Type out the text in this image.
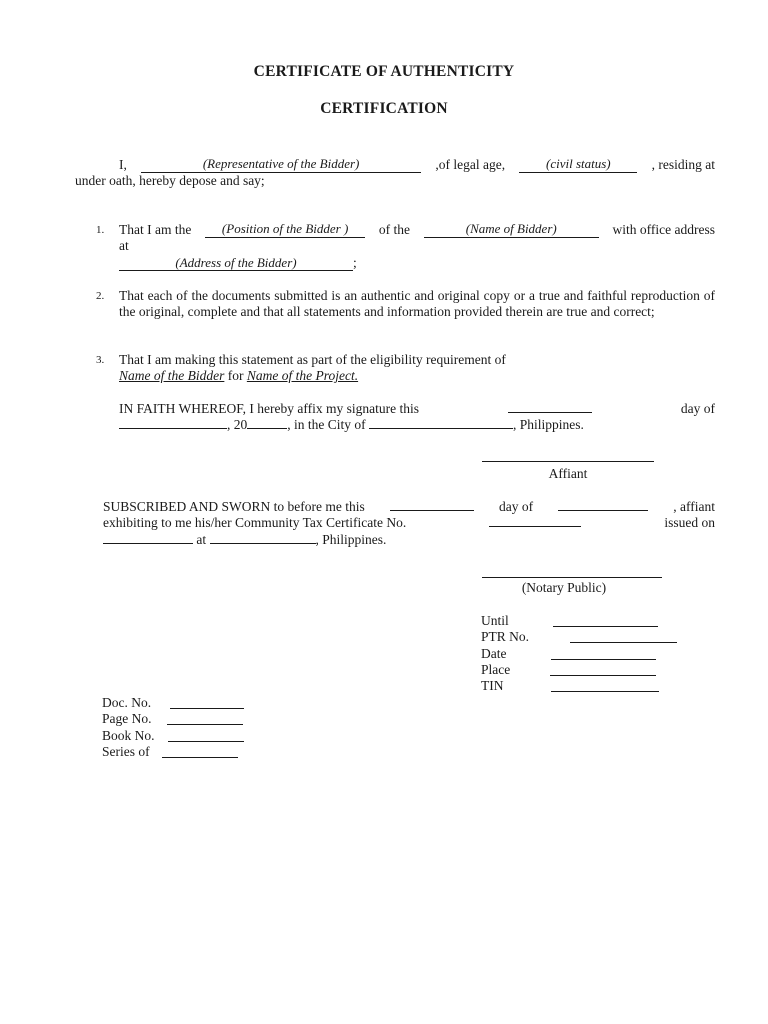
CERTIFICATE OF AUTHENTICITY
CERTIFICATION
I,	(Representative of the Bidder)	,of legal age,	(civil status)	, residing at
under oath, hereby depose and say;
1. That I am the	(Position of the Bidder )	of the	(Name of Bidder)	with office address
at
(Address of the Bidder)	;
2. That each of the documents submitted is an authentic and original copy or a true and faithful reproduction of the original, complete and that all statements and information provided therein are true and correct;
3. That I am making this statement as part of the eligibility requirement of
Name of the Bidder for Name of the Project.
IN FAITH WHEREOF, I hereby affix my signature this	day of
, 20	, in the City of	, Philippines.
Affiant
SUBSCRIBED AND SWORN to before me this	day of	, affiant
exhibiting to me his/her Community Tax Certificate No.	issued on
at	, Philippines.
(Notary Public)
Until
PTR No.
Date
Place
TIN
Doc. No.
Page No.
Book No.
Series of
